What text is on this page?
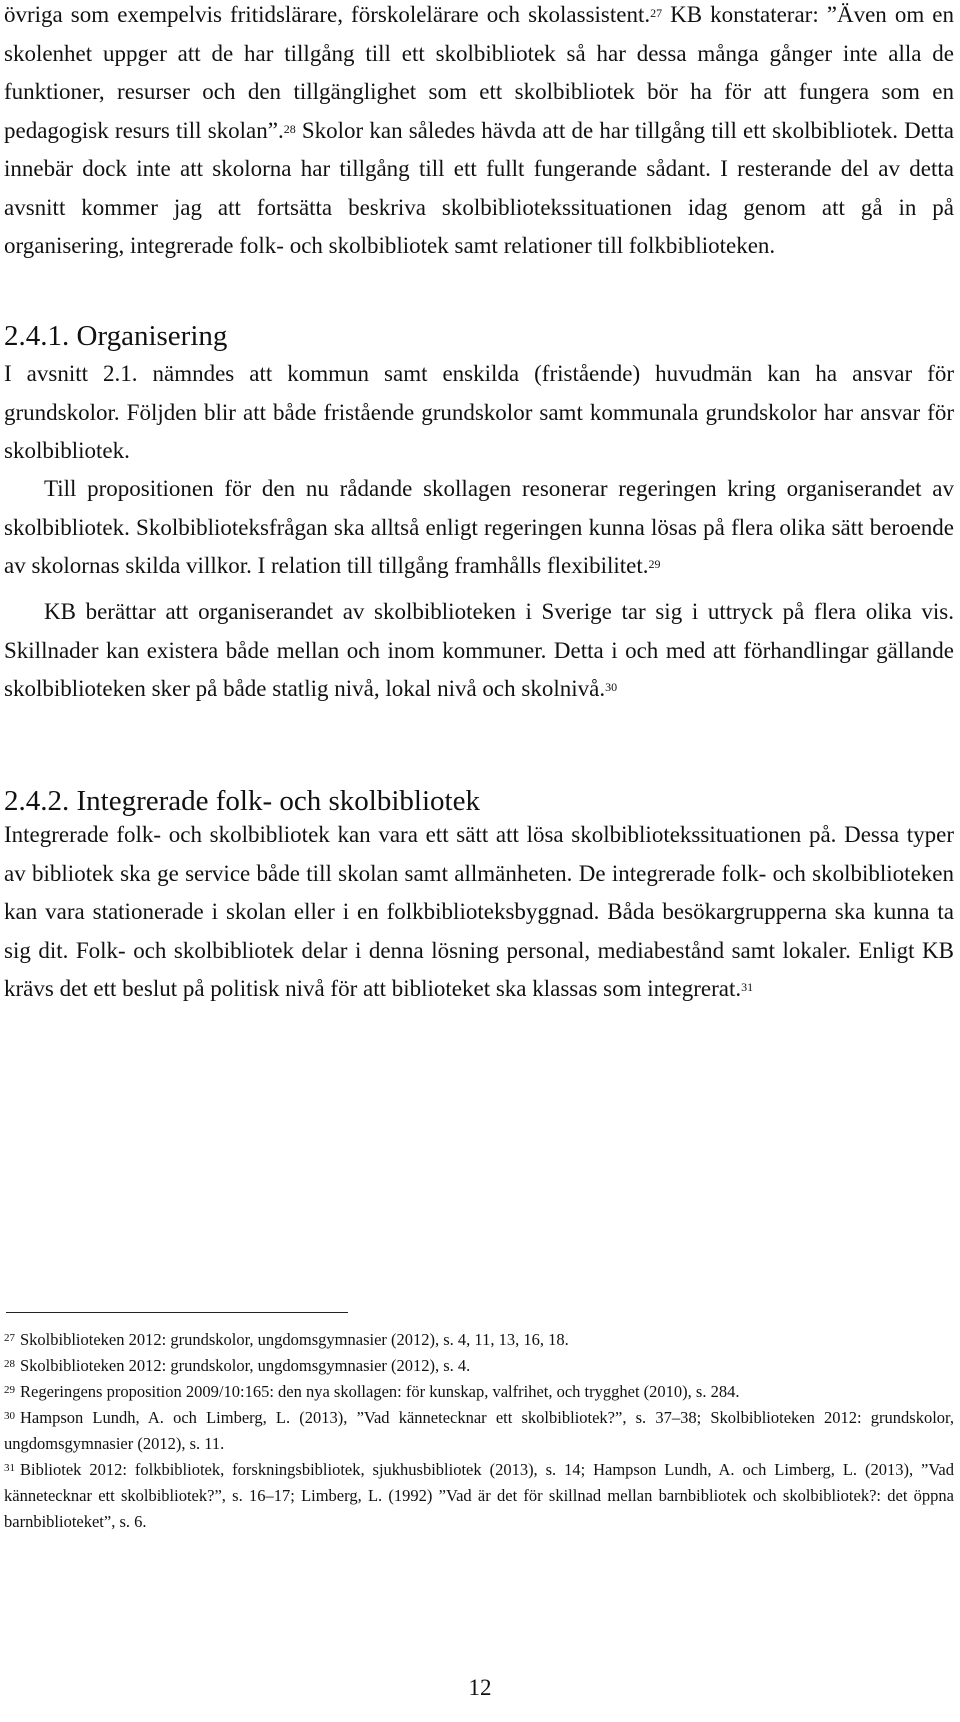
övriga som exempelvis fritidslärare, förskolelärare och skolassistent.$^{27}$ KB konstaterar: ”Även om en skolenhet uppger att de har tillgång till ett skolbibliotek så har dessa många gånger inte alla de funktioner, resurser och den tillgänglighet som ett skolbibliotek bör ha för att fungera som en pedagogisk resurs till skolan”.$^{28}$ Skolor kan således hävda att de har tillgång till ett skolbibliotek. Detta innebär dock inte att skolorna har tillgång till ett fullt fungerande sådant. I resterande del av detta avsnitt kommer jag att fortsätta beskriva skolbibliotekssituationen idag genom att gå in på organisering, integrerade folk- och skolbibliotek samt relationer till folkbiblioteken.

2.4.1. Organisering

I avsnitt 2.1. nämndes att kommun samt enskilda (fristående) huvudmän kan ha ansvar för grundskolor. Följden blir att både fristående grundskolor samt kommunala grundskolor har ansvar för skolbibliotek.

Till propositionen för den nu rådande skollagen resonerar regeringen kring organiserandet av skolbibliotek. Skolbiblioteksfrågan ska alltså enligt regeringen kunna lösas på flera olika sätt beroende av skolornas skilda villkor. I relation till tillgång framhålls flexibilitet.$^{29}$

KB berättar att organiserandet av skolbiblioteken i Sverige tar sig i uttryck på flera olika vis. Skillnader kan existera både mellan och inom kommuner. Detta i och med att förhandlingar gällande skolbiblioteken sker på både statlig nivå, lokal nivå och skolnivå.$^{30}$

2.4.2. Integrerade folk- och skolbibliotek

Integrerade folk- och skolbibliotek kan vara ett sätt att lösa skolbibliotekssituationen på. Dessa typer av bibliotek ska ge service både till skolan samt allmänheten. De integrerade folk- och skolbiblioteken kan vara stationerade i skolan eller i en folkbiblioteksbyggnad. Båda besökargrupperna ska kunna ta sig dit. Folk- och skolbibliotek delar i denna lösning personal, mediabestånd samt lokaler. Enligt KB krävs det ett beslut på politisk nivå för att biblioteket ska klassas som integrerat.$^{31}$

$^{27}$ Skolbiblioteken 2012: grundskolor, ungdomsgymnasier (2012), s. 4, 11, 13, 16, 18.

$^{28}$ Skolbiblioteken 2012: grundskolor, ungdomsgymnasier (2012), s. 4.

$^{29}$ Regeringens proposition 2009/10:165: den nya skollagen: för kunskap, valfrihet, och trygghet (2010), s. 284.

$^{30}$ Hampson Lundh, A. och Limberg, L. (2013), ”Vad kännetecknar ett skolbibliotek?”, s. 37–38; Skolbiblioteken 2012: grundskolor, ungdomsgymnasier (2012), s. 11.

$^{31}$ Bibliotek 2012: folkbibliotek, forskningsbibliotek, sjukhusbibliotek (2013), s. 14; Hampson Lundh, A. och Limberg, L. (2013), ”Vad kännetecknar ett skolbibliotek?”, s. 16–17; Limberg, L. (1992) ”Vad är det för skillnad mellan barnbibliotek och skolbibliotek?: det öppna barnbiblioteket”, s. 6.

12
